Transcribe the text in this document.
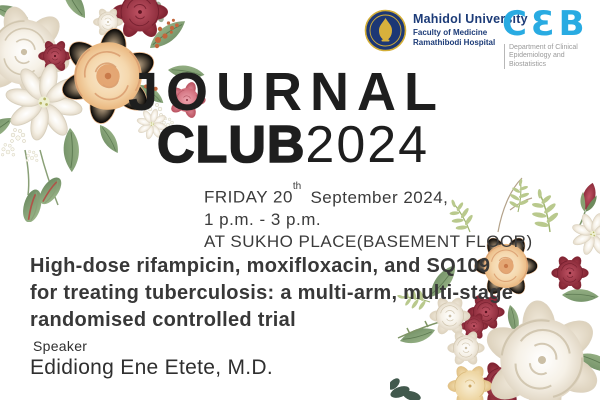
Mahidol University
Faculty of Medicine
Ramathibodi Hospital CƐB
Department of Clinical
Epidemiology and Biostatistics
JOURNAL
CLUB2024
FRIDAY 20th September 2024,
1 p.m. - 3 p.m.
AT SUKHO PLACE(BASEMENT FLOOR)
High-dose rifampicin, moxifloxacin, and SQ109
for treating tuberculosis: a multi-arm, multi-stage
randomised controlled trial
Speaker
Edidiong Ene Etete, M.D.
